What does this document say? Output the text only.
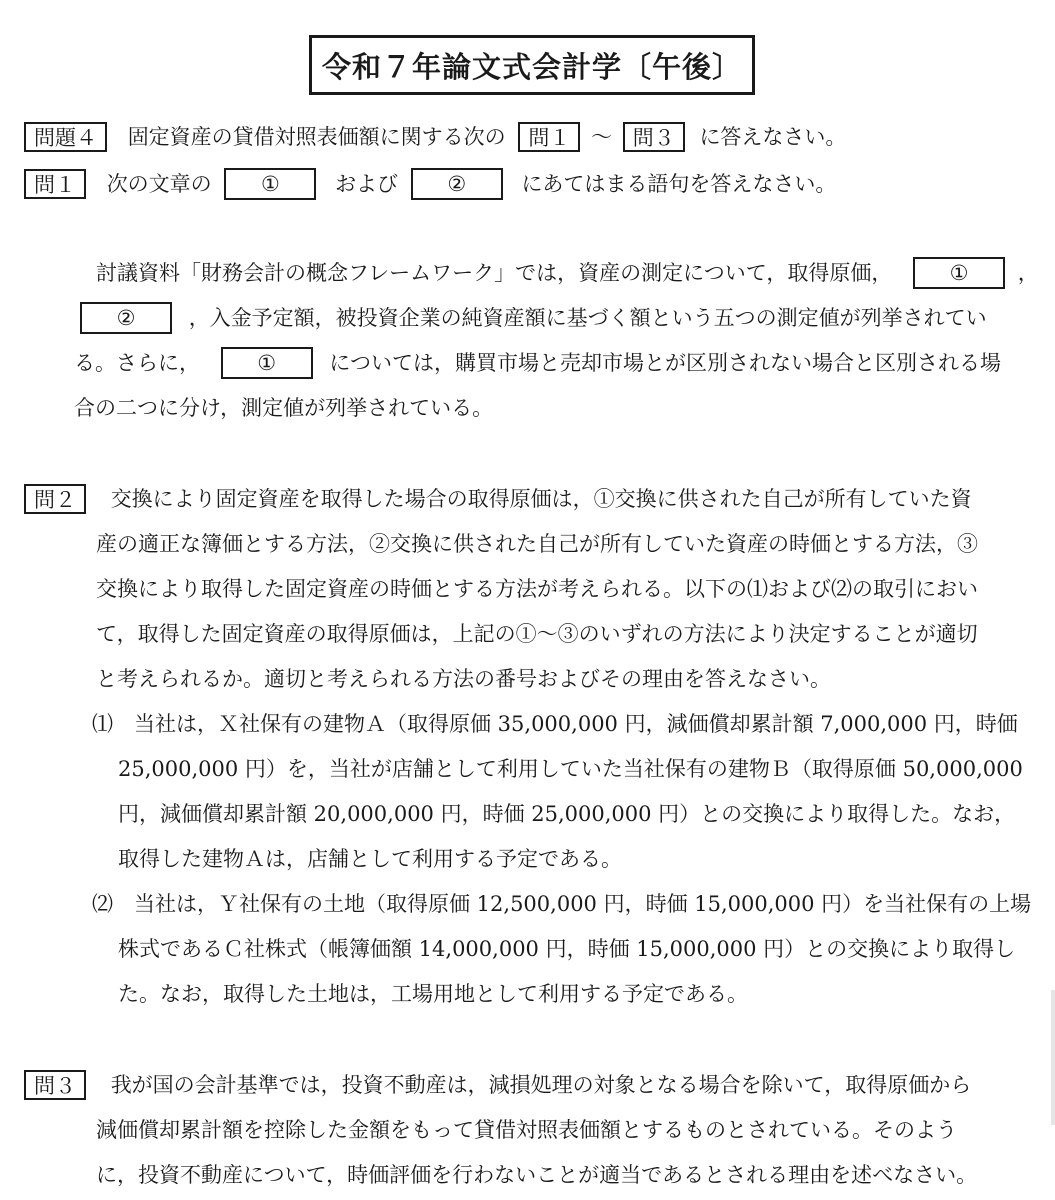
令和７年論文式会計学〔午後〕
問題４ 固定資産の貸借対照表価額に関する次の 問１ ～ 問３ に答えなさい。
問１ 次の文章の ①	および ②	にあてはまる語句を答えなさい。
討議資料「財務会計の概念フレームワーク」では，資産の測定について，取得原価，	① ，
②	，入金予定額，被投資企業の純資産額に基づく額という五つの測定値が列挙されてい
る。さらに，	①	については，購買市場と売却市場とが区別されない場合と区別される場
合の二つに分け，測定値が列挙されている。
問２ 交換により固定資産を取得した場合の取得原価は，①交換に供された自己が所有していた資
産の適正な簿価とする方法，②交換に供された自己が所有していた資産の時価とする方法，③
交換により取得した固定資産の時価とする方法が考えられる。以下の⑴および⑵の取引におい
て，取得した固定資産の取得原価は，上記の①～③のいずれの方法により決定することが適切
と考えられるか。適切と考えられる方法の番号およびその理由を答えなさい。
⑴　当社は，Ｘ社保有の建物Ａ（取得原価 35,000,000 円，減価償却累計額 7,000,000 円，時価
25,000,000 円）を，当社が店舗として利用していた当社保有の建物Ｂ（取得原価 50,000,000
円，減価償却累計額 20,000,000 円，時価 25,000,000 円）との交換により取得した。なお，
取得した建物Ａは，店舗として利用する予定である。
⑵　当社は，Ｙ社保有の土地（取得原価 12,500,000 円，時価 15,000,000 円）を当社保有の上場
株式であるＣ社株式（帳簿価額 14,000,000 円，時価 15,000,000 円）との交換により取得し
た。なお，取得した土地は，工場用地として利用する予定である。
問３ 我が国の会計基準では，投資不動産は，減損処理の対象となる場合を除いて，取得原価から
減価償却累計額を控除した金額をもって貸借対照表価額とするものとされている。そのよう
に，投資不動産について，時価評価を行わないことが適当であるとされる理由を述べなさい。
